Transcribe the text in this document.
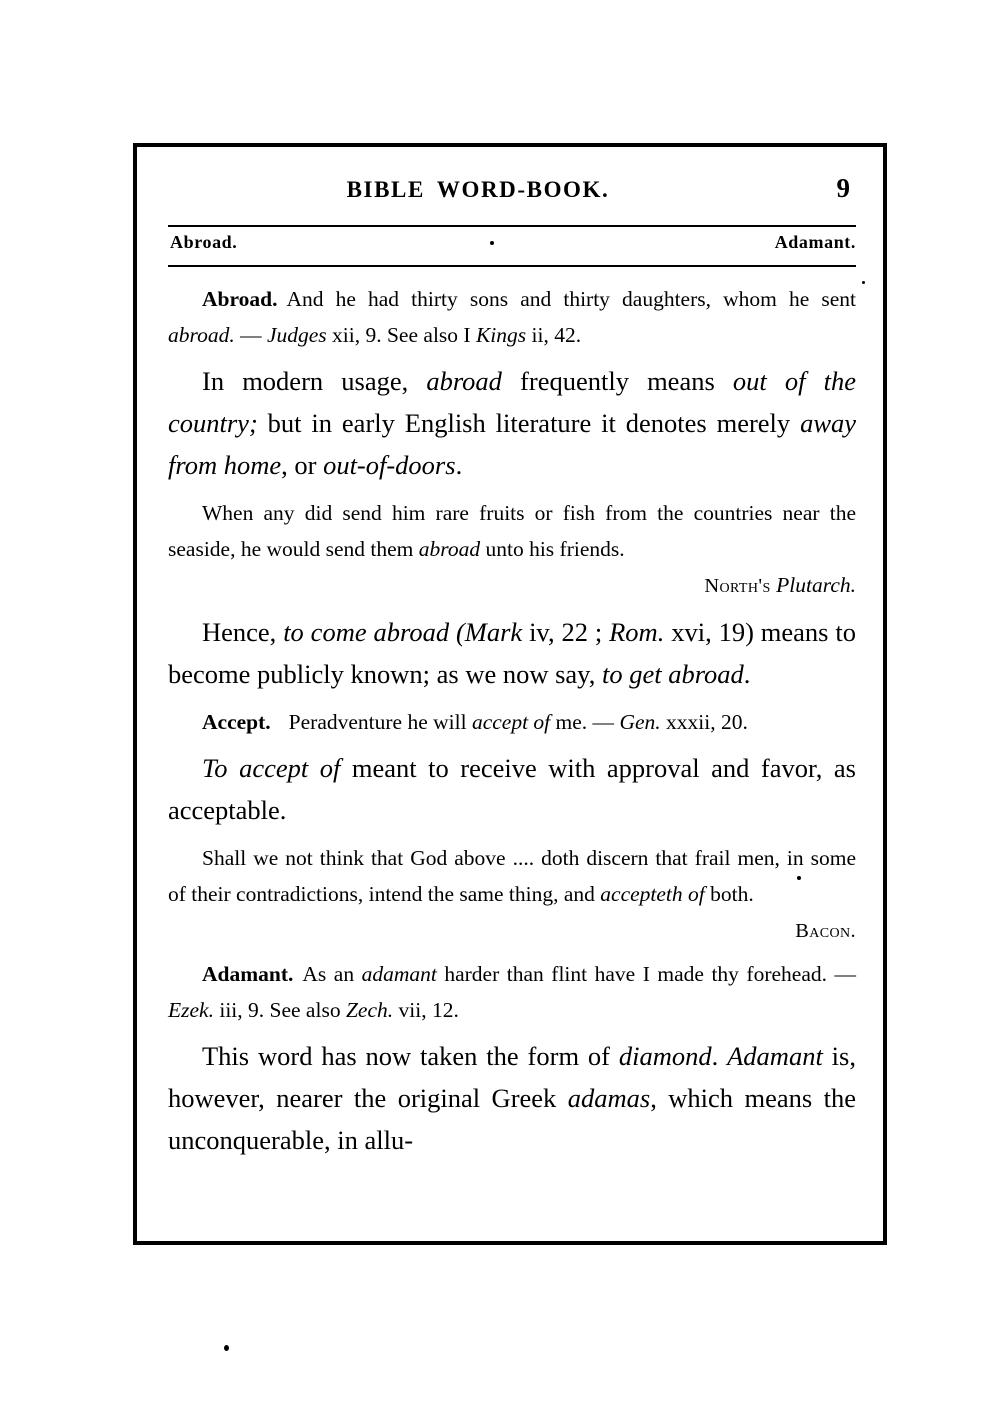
BIBLE WORD-BOOK.	9
Abroad.	Adamant.

Abroad. And he had thirty sons and thirty daughters, whom he sent abroad. — Judges xii, 9. See also I Kings ii, 42.

In modern usage, abroad frequently means out of the country; but in early English literature it denotes merely away from home, or out-of-doors.

When any did send him rare fruits or fish from the countries near the seaside, he would send them abroad unto his friends.
North's Plutarch.

Hence, to come abroad (Mark iv, 22 ; Rom. xvi, 19) means to become publicly known; as we now say, to get abroad.

Accept. Peradventure he will accept of me. — Gen. xxxii, 20.

To accept of meant to receive with approval and favor, as acceptable.

Shall we not think that God above .... doth discern that frail men, in some of their contradictions, intend the same thing, and accepteth of both.
Bacon.

Adamant. As an adamant harder than flint have I made thy forehead. — Ezek. iii, 9. See also Zech. vii, 12.

This word has now taken the form of diamond. Adamant is, however, nearer the original Greek adamas, which means the unconquerable, in allu-
